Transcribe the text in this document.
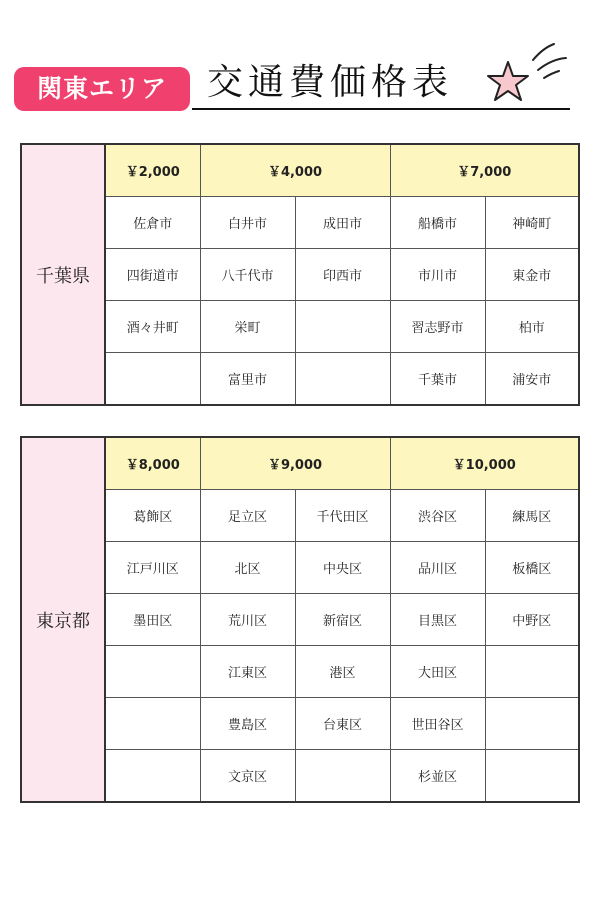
関東エリア	交通費価格表
千葉県	￥2,000	￥4,000		￥7,000	
	佐倉市	白井市	成田市	船橋市	神崎町
	四街道市	八千代市	印西市	市川市	東金市
	酒々井町	栄町		習志野市	柏市
		富里市		千葉市	浦安市
東京都	￥8,000	￥9,000		￥10,000	
	葛飾区	足立区	千代田区	渋谷区	練馬区
	江戸川区	北区	中央区	品川区	板橋区
	墨田区	荒川区	新宿区	目黒区	中野区
		江東区	港区	大田区	
		豊島区	台東区	世田谷区	
		文京区		杉並区	
